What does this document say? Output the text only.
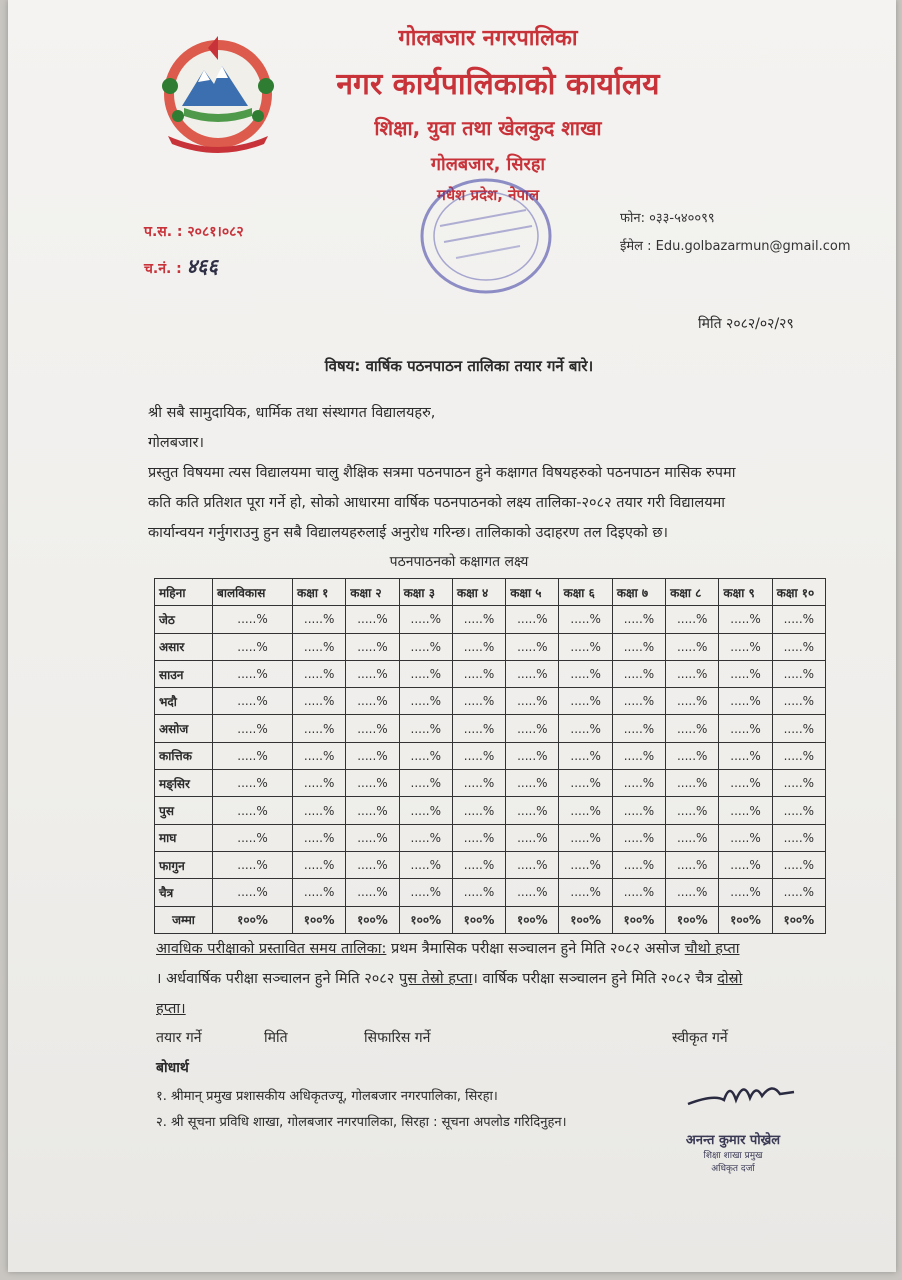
गोलबजार नगरपालिका
नगर कार्यपालिकाको कार्यालय
शिक्षा, युवा तथा खेलकुद शाखा
गोलबजार, सिरहा
मधेश प्रदेश, नेपाल
प.स. : २०८१।०८२
च.नं. : ४६६
फोन: ०३३-५४००९९
ईमेल : Edu.golbazarmun@gmail.com
मिति २०८२/०२/२९
विषय: वार्षिक पठनपाठन तालिका तयार गर्ने बारे।
श्री सबै सामुदायिक, धार्मिक तथा संस्थागत विद्यालयहरु,
गोलबजार।
प्रस्तुत विषयमा त्यस विद्यालयमा चालु शैक्षिक सत्रमा पठनपाठन हुने कक्षागत विषयहरुको पठनपाठन मासिक रुपमा
कति कति प्रतिशत पूरा गर्ने हो, सोको आधारमा वार्षिक पठनपाठनको लक्ष्य तालिका-२०८२ तयार गरी विद्यालयमा
कार्यान्वयन गर्नुगराउनु हुन सबै विद्यालयहरुलाई अनुरोध गरिन्छ। तालिकाको उदाहरण तल दिइएको छ।
पठनपाठनको कक्षागत लक्ष्य
महिना	बालविकास	कक्षा १	कक्षा २	कक्षा ३	कक्षा ४	कक्षा ५	कक्षा ६	कक्षा ७	कक्षा ८	कक्षा ९	कक्षा १०
जेठ	.....%	.....%	.....%	.....%	.....%	.....%	.....%	.....%	.....%	.....%	.....%
असार	.....%	.....%	.....%	.....%	.....%	.....%	.....%	.....%	.....%	.....%	.....%
साउन	.....%	.....%	.....%	.....%	.....%	.....%	.....%	.....%	.....%	.....%	.....%
भदौ	.....%	.....%	.....%	.....%	.....%	.....%	.....%	.....%	.....%	.....%	.....%
असोज	.....%	.....%	.....%	.....%	.....%	.....%	.....%	.....%	.....%	.....%	.....%
कात्तिक	.....%	.....%	.....%	.....%	.....%	.....%	.....%	.....%	.....%	.....%	.....%
मङ्सिर	.....%	.....%	.....%	.....%	.....%	.....%	.....%	.....%	.....%	.....%	.....%
पुस	.....%	.....%	.....%	.....%	.....%	.....%	.....%	.....%	.....%	.....%	.....%
माघ	.....%	.....%	.....%	.....%	.....%	.....%	.....%	.....%	.....%	.....%	.....%
फागुन	.....%	.....%	.....%	.....%	.....%	.....%	.....%	.....%	.....%	.....%	.....%
चैत्र	.....%	.....%	.....%	.....%	.....%	.....%	.....%	.....%	.....%	.....%	.....%
जम्मा	१००%	१००%	१००%	१००%	१००%	१००%	१००%	१००%	१००%	१००%	१००%
आवधिक परीक्षाको प्रस्तावित समय तालिका: प्रथम त्रैमासिक परीक्षा सञ्चालन हुने मिति २०८२ असोज चौथो हप्ता
। अर्धवार्षिक परीक्षा सञ्चालन हुने मिति २०८२ पुस तेस्रो हप्ता। वार्षिक परीक्षा सञ्चालन हुने मिति २०८२ चैत्र दोस्रो
हप्ता।
तयार गर्ने	मिति	सिफारिस गर्ने	स्वीकृत गर्ने
बोधार्थ
१. श्रीमान् प्रमुख प्रशासकीय अधिकृतज्यू, गोलबजार नगरपालिका, सिरहा।
२. श्री सूचना प्रविधि शाखा, गोलबजार नगरपालिका, सिरहा : सूचना अपलोड गरिदिनुहन।
अनन्त कुमार पोख्रेल
शिक्षा शाखा प्रमुख
अधिकृत दर्जा
